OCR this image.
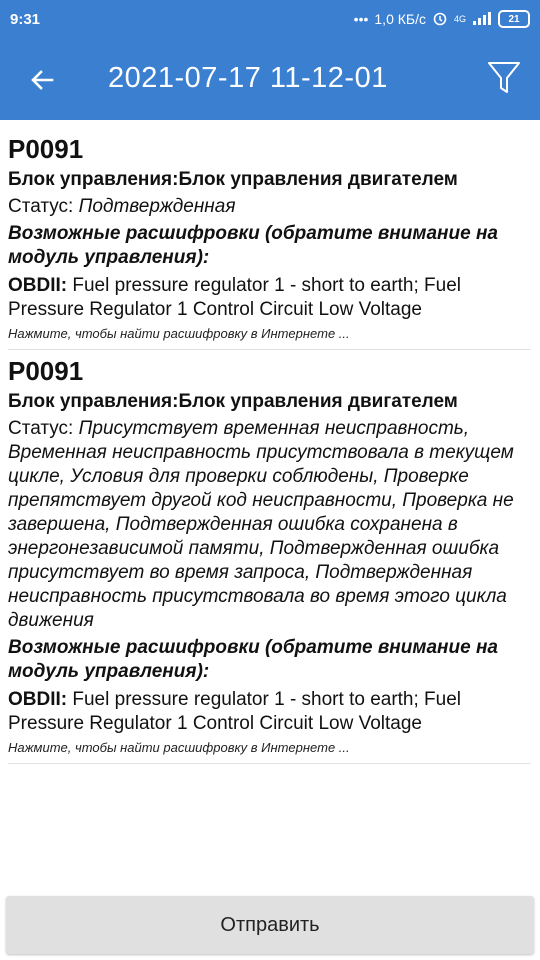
9:31	••• 1,0 КБ/с	4G	21
2021-07-17 11-12-01
P0091
Блок управления:Блок управления двигателем
Статус: Подтвержденная
Возможные расшифровки (обратите внимание на модуль управления):
OBDII: Fuel pressure regulator 1 - short to earth; Fuel Pressure Regulator 1 Control Circuit Low Voltage
Нажмите, чтобы найти расшифровку в Интернете ...
P0091
Блок управления:Блок управления двигателем
Статус: Присутствует временная неисправность, Временная неисправность присутствовала в текущем цикле, Условия для проверки соблюдены, Проверке препятствует другой код неисправности, Проверка не завершена, Подтвержденная ошибка сохранена в энергонезависимой памяти, Подтвержденная ошибка присутствует во время запроса, Подтвержденная неисправность присутствовала во время этого цикла движения
Возможные расшифровки (обратите внимание на модуль управления):
OBDII: Fuel pressure regulator 1 - short to earth; Fuel Pressure Regulator 1 Control Circuit Low Voltage
Нажмите, чтобы найти расшифровку в Интернете ...
Отправить
